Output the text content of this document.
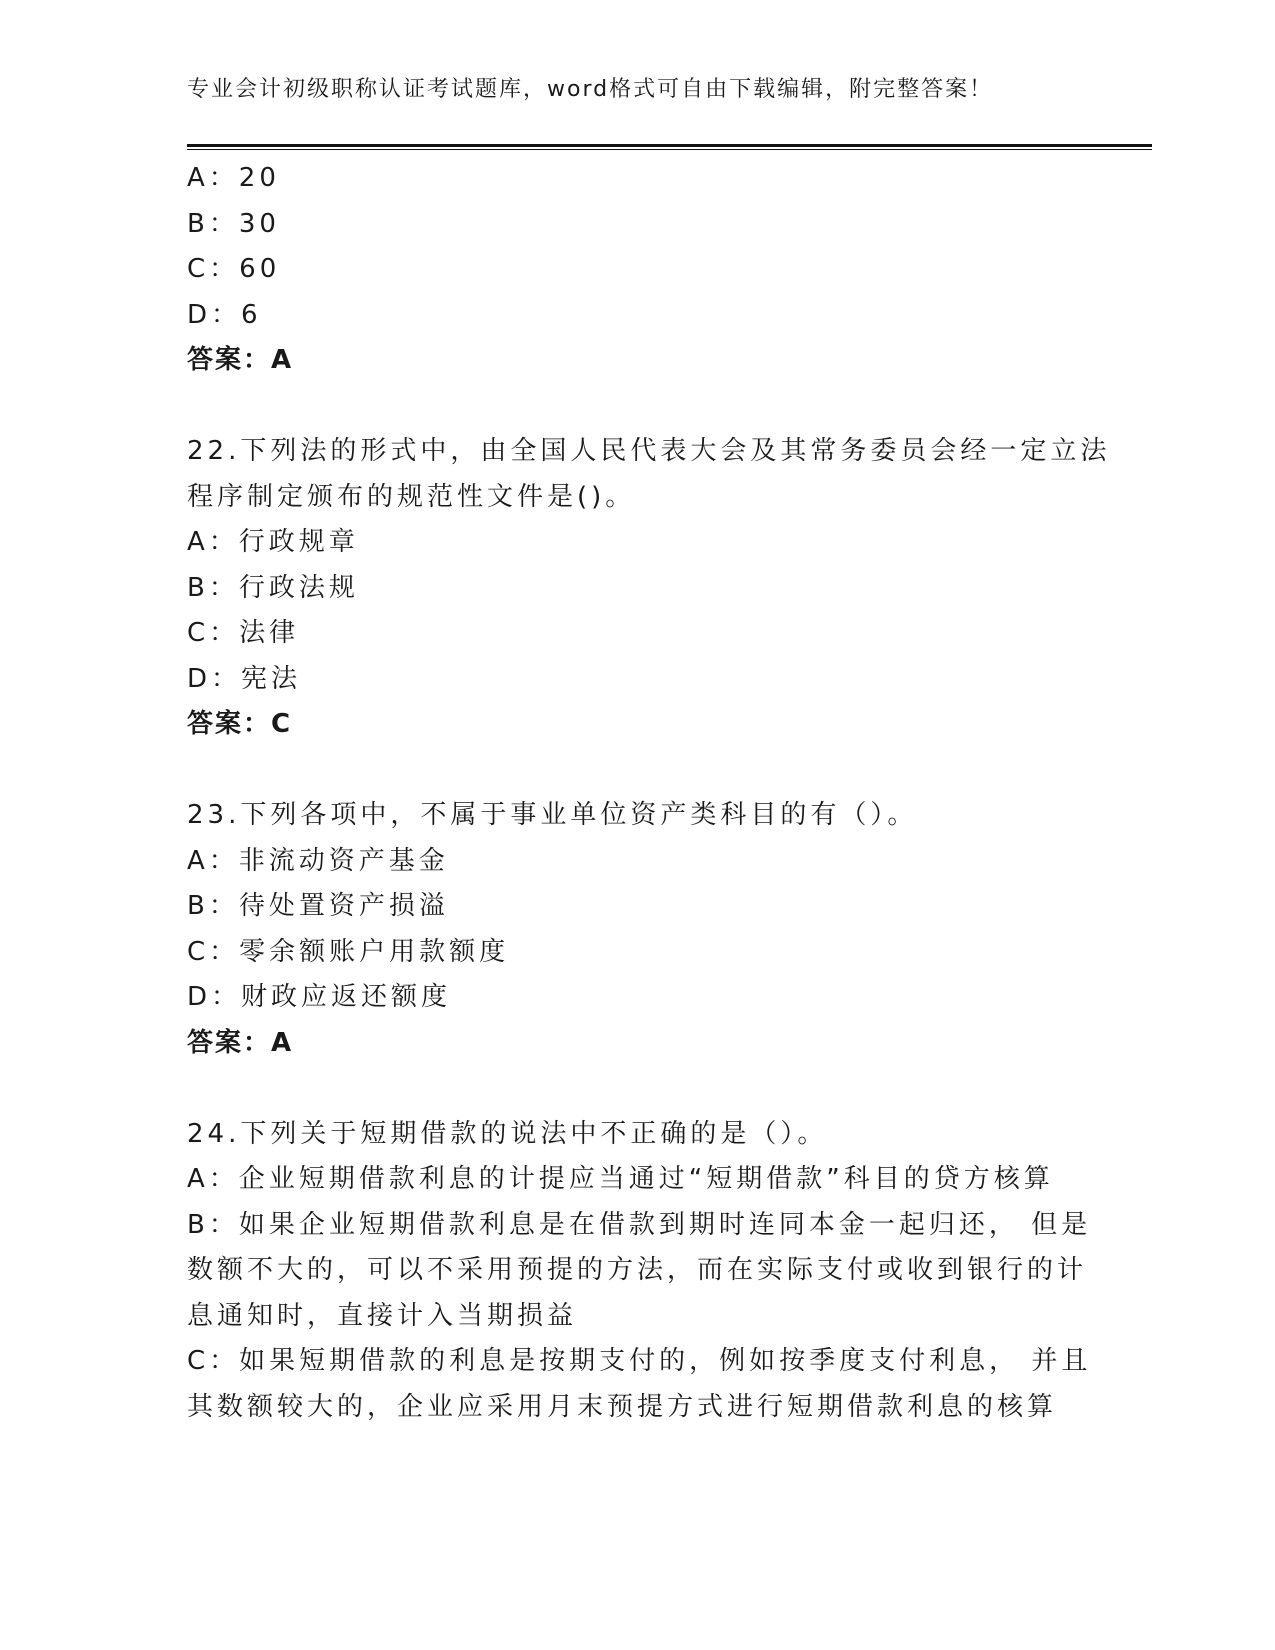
专业会计初级职称认证考试题库，word格式可自由下载编辑，附完整答案！
A：20
B：30
C：60
D：6
答案：A
22.下列法的形式中，由全国人民代表大会及其常务委员会经一定立法
程序制定颁布的规范性文件是()。
A：行政规章
B：行政法规
C：法律
D：宪法
答案：C
23.下列各项中，不属于事业单位资产类科目的有（）。
A：非流动资产基金
B：待处置资产损溢
C：零余额账户用款额度
D：财政应返还额度
答案：A
24.下列关于短期借款的说法中不正确的是（）。
A：企业短期借款利息的计提应当通过“短期借款”科目的贷方核算
B：如果企业短期借款利息是在借款到期时连同本金一起归还， 但是
数额不大的，可以不采用预提的方法，而在实际支付或收到银行的计
息通知时，直接计入当期损益
C：如果短期借款的利息是按期支付的，例如按季度支付利息， 并且
其数额较大的，企业应采用月末预提方式进行短期借款利息的核算
